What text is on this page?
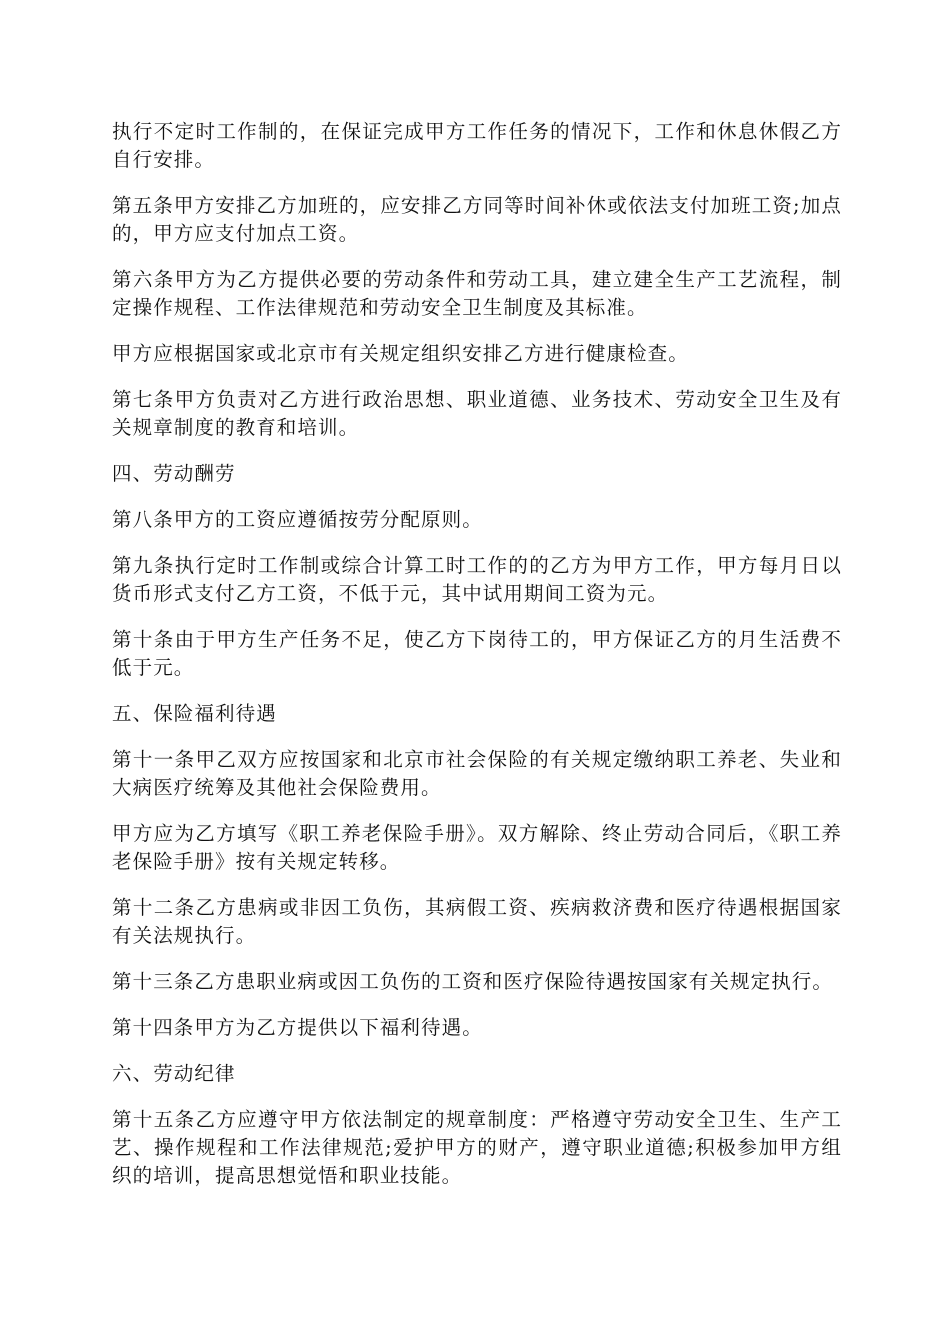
执行不定时工作制的，在保证完成甲方工作任务的情况下，工作和休息休假乙方自行安排。

第五条甲方安排乙方加班的，应安排乙方同等时间补休或依法支付加班工资;加点的，甲方应支付加点工资。

第六条甲方为乙方提供必要的劳动条件和劳动工具，建立建全生产工艺流程，制定操作规程、工作法律规范和劳动安全卫生制度及其标准。

甲方应根据国家或北京市有关规定组织安排乙方进行健康检查。

第七条甲方负责对乙方进行政治思想、职业道德、业务技术、劳动安全卫生及有关规章制度的教育和培训。

四、劳动酬劳

第八条甲方的工资应遵循按劳分配原则。

第九条执行定时工作制或综合计算工时工作的的乙方为甲方工作，甲方每月日以货币形式支付乙方工资，不低于元，其中试用期间工资为元。

第十条由于甲方生产任务不足，使乙方下岗待工的，甲方保证乙方的月生活费不低于元。

五、保险福利待遇

第十一条甲乙双方应按国家和北京市社会保险的有关规定缴纳职工养老、失业和大病医疗统筹及其他社会保险费用。

甲方应为乙方填写《职工养老保险手册》。双方解除、终止劳动合同后，《职工养老保险手册》按有关规定转移。

第十二条乙方患病或非因工负伤，其病假工资、疾病救济费和医疗待遇根据国家有关法规执行。

第十三条乙方患职业病或因工负伤的工资和医疗保险待遇按国家有关规定执行。

第十四条甲方为乙方提供以下福利待遇。

六、劳动纪律

第十五条乙方应遵守甲方依法制定的规章制度：严格遵守劳动安全卫生、生产工艺、操作规程和工作法律规范;爱护甲方的财产，遵守职业道德;积极参加甲方组织的培训，提高思想觉悟和职业技能。
